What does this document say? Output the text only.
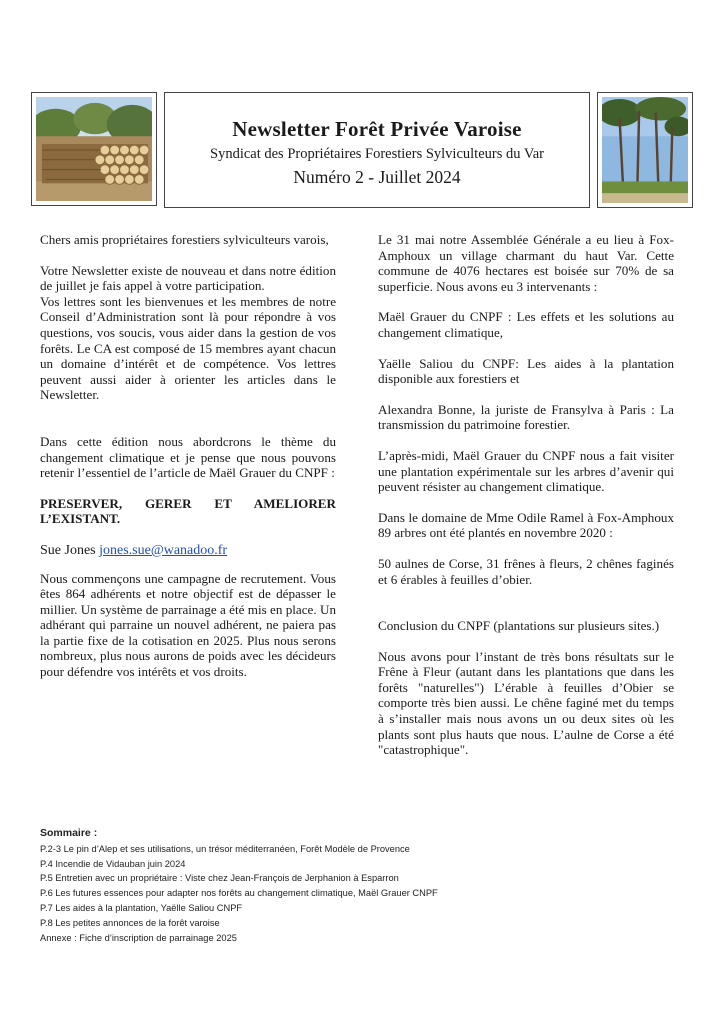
Newsletter Forêt Privée Varoise
Syndicat des Propriétaires Forestiers Sylviculteurs du Var
Numéro 2 - Juillet 2024

Chers amis propriétaires forestiers sylviculteurs varois,

Votre Newsletter existe de nouveau et dans notre édition de juillet je fais appel à votre participation.

Vos lettres sont les bienvenues et les membres de notre Conseil d’Administration sont là pour répondre à vos questions, vos soucis, vous aider dans la gestion de vos forêts. Le CA est composé de 15 membres ayant chacun un domaine d’intérêt et de compétence. Vos lettres peuvent aussi aider à orienter les articles dans le Newsletter.

Dans cette édition nous abordcrons le thème du changement climatique et je pense que nous pouvons retenir l’essentiel de l’article de Maël Grauer du CNPF :

PRESERVER, GERER ET AMELIORER L’EXISTANT.

Sue Jones jones.sue@wanadoo.fr

Nous commençons une campagne de recrutement. Vous êtes 864 adhérents et notre objectif est de dépasser le millier. Un système de parrainage a été mis en place. Un adhérant qui parraine un nouvel adhérent, ne paiera pas la partie fixe de la cotisation en 2025. Plus nous serons nombreux, plus nous aurons de poids avec les décideurs pour défendre vos intérêts et vos droits.

Le 31 mai notre Assemblée Générale a eu lieu à Fox-Amphoux un village charmant du haut Var. Cette commune de 4076 hectares est boisée sur 70% de sa superficie. Nous avons eu 3 intervenants :

Maël Grauer du CNPF : Les effets et les solutions au changement climatique,

Yaëlle Saliou du CNPF: Les aides à la plantation disponible aux forestiers et

Alexandra Bonne, la juriste de Fransylva à Paris : La transmission du patrimoine forestier.

L’après-midi, Maël Grauer du CNPF nous a fait visiter une plantation expérimentale sur les arbres d’avenir qui peuvent résister au changement climatique.

Dans le domaine de Mme Odile Ramel à Fox-Amphoux 89 arbres ont été plantés en novembre 2020 :

50 aulnes de Corse, 31 frênes à fleurs, 2 chênes faginés et 6 érables à feuilles d’obier.

Conclusion du CNPF (plantations sur plusieurs sites.)

Nous avons pour l’instant de très bons résultats sur le Frêne à Fleur (autant dans les plantations que dans les forêts "naturelles") L’érable à feuilles d’Obier se comporte très bien aussi. Le chêne faginé met du temps à s’installer mais nous avons un ou deux sites où les plants sont plus hauts que nous. L’aulne de Corse a été "catastrophique".

Sommaire :
P.2-3 Le pin d’Alep et ses utilisations, un trésor méditerranéen, Forêt Modèle de Provence
P.4 Incendie de Vidauban juin 2024
P.5 Entretien avec un propriétaire : Viste chez Jean-François de Jerphanion à Esparron
P.6 Les futures essences pour adapter nos forêts au changement climatique, Maël Grauer CNPF
P.7 Les aides à la plantation, Yaëlle Saliou CNPF
P.8 Les petites annonces de la forêt varoise
Annexe : Fiche d’inscription de parrainage 2025
